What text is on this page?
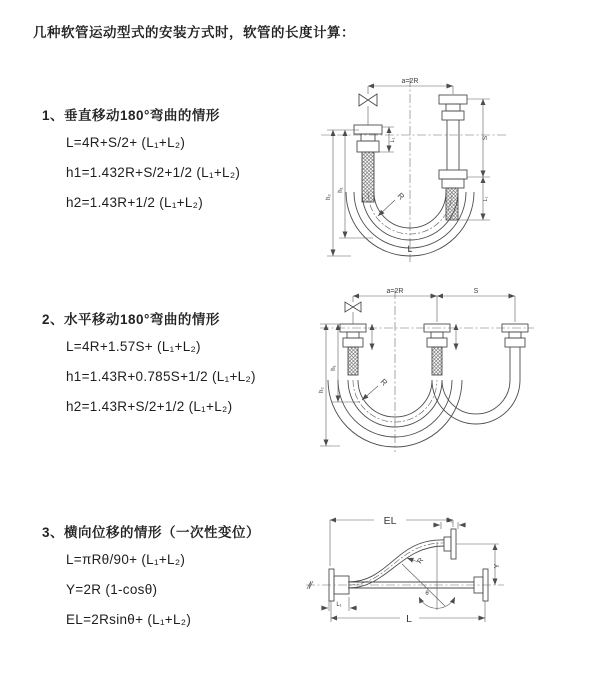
几种软管运动型式的安装方式时，软管的长度计算：
1、垂直移动180°弯曲的情形
L=4R+S/2+ (L₁+L₂)
h1=1.432R+S/2+1/2 (L₁+L₂)
h2=1.43R+1/2 (L₁+L₂)
2、水平移动180°弯曲的情形
L=4R+1.57S+ (L₁+L₂)
h1=1.43R+0.785S+1/2 (L₁+L₂)
h2=1.43R+S/2+1/2 (L₁+L₂)
3、横向位移的情形（一次性变位）
L=πRθ/90+ (L₁+L₂)
Y=2R (1-cosθ)
EL=2Rsinθ+ (L₁+L₂)
a=2R
h₂
h₁
L₁	S
L₁
R
L
a=2R	S
h₂
h₁
R
EL	L₁
Y
θ
R
L₁
L
